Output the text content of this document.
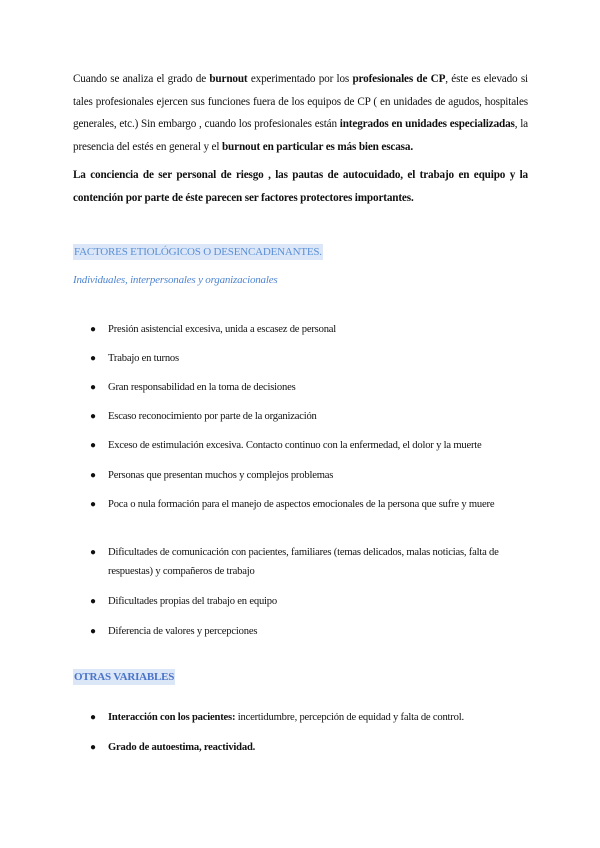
Cuando se analiza el grado de burnout experimentado por los profesionales de CP, éste es elevado si tales profesionales ejercen sus funciones fuera de los equipos de CP ( en unidades de agudos, hospitales generales, etc.) Sin embargo , cuando los profesionales están integrados en unidades especializadas, la presencia del estés en general y el burnout en particular es más bien escasa.
La conciencia de ser personal de riesgo , las pautas de autocuidado, el trabajo en equipo y la contención por parte de éste parecen ser factores protectores importantes.
FACTORES ETIOLÓGICOS O DESENCADENANTES.
Individuales, interpersonales y organizacionales
● Presión asistencial excesiva, unida a escasez de personal
● Trabajo en turnos
● Gran responsabilidad en la toma de decisiones
● Escaso reconocimiento por parte de la organización
● Exceso de estimulación excesiva. Contacto continuo con la enfermedad, el dolor y la muerte
● Personas que presentan muchos y complejos problemas
● Poca o nula formación para el manejo de aspectos emocionales de la persona que sufre y muere
● Dificultades de comunicación con pacientes, familiares (temas delicados, malas noticias, falta de respuestas) y compañeros de trabajo
● Dificultades propias del trabajo en equipo
● Diferencia de valores y percepciones
OTRAS VARIABLES
● Interacción con los pacientes: incertidumbre, percepción de equidad y falta de control.
● Grado de autoestima, reactividad.
